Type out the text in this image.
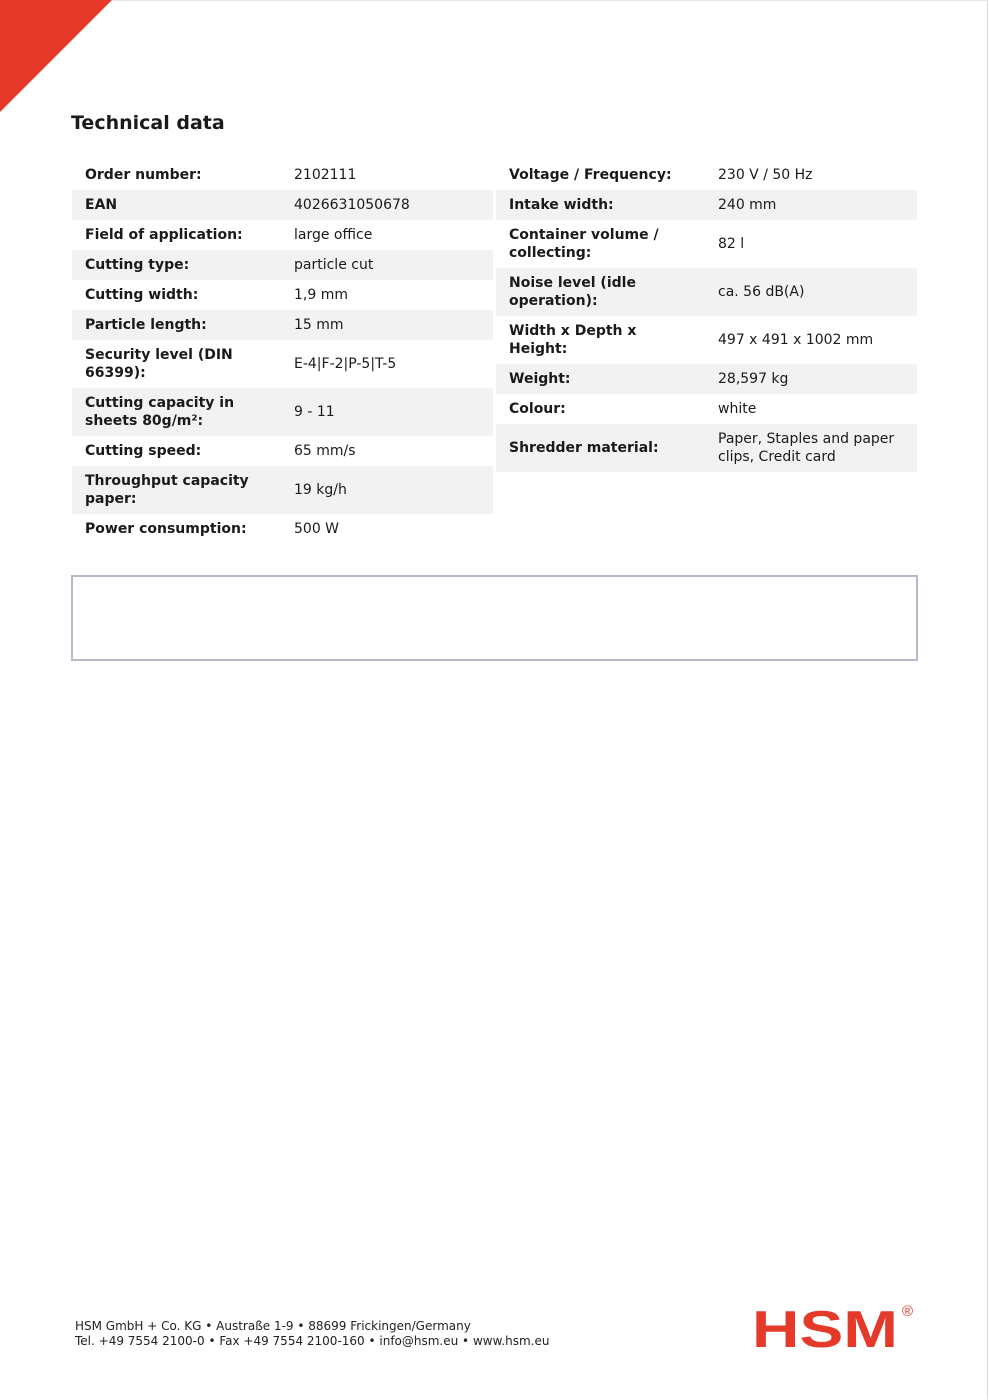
Technical data
Order number:	2102111
EAN	4026631050678
Field of application:	large office
Cutting type:	particle cut
Cutting width:	1,9 mm
Particle length:	15 mm
Security level (DIN 66399):	E-4|F-2|P-5|T-5
Cutting capacity in sheets 80g/m²:	9 - 11
Cutting speed:	65 mm/s
Throughput capacity paper:	19 kg/h
Power consumption:	500 W
Voltage / Frequency:	230 V / 50 Hz
Intake width:	240 mm
Container volume / collecting:	82 l
Noise level (idle operation):	ca. 56 dB(A)
Width x Depth x Height:	497 x 491 x 1002 mm
Weight:	28,597 kg
Colour:	white
Shredder material:	Paper, Staples and paper clips, Credit card
HSM GmbH + Co. KG • Austraße 1-9 • 88699 Frickingen/Germany
Tel. +49 7554 2100-0 • Fax +49 7554 2100-160 • info@hsm.eu • www.hsm.eu	HSM ®
